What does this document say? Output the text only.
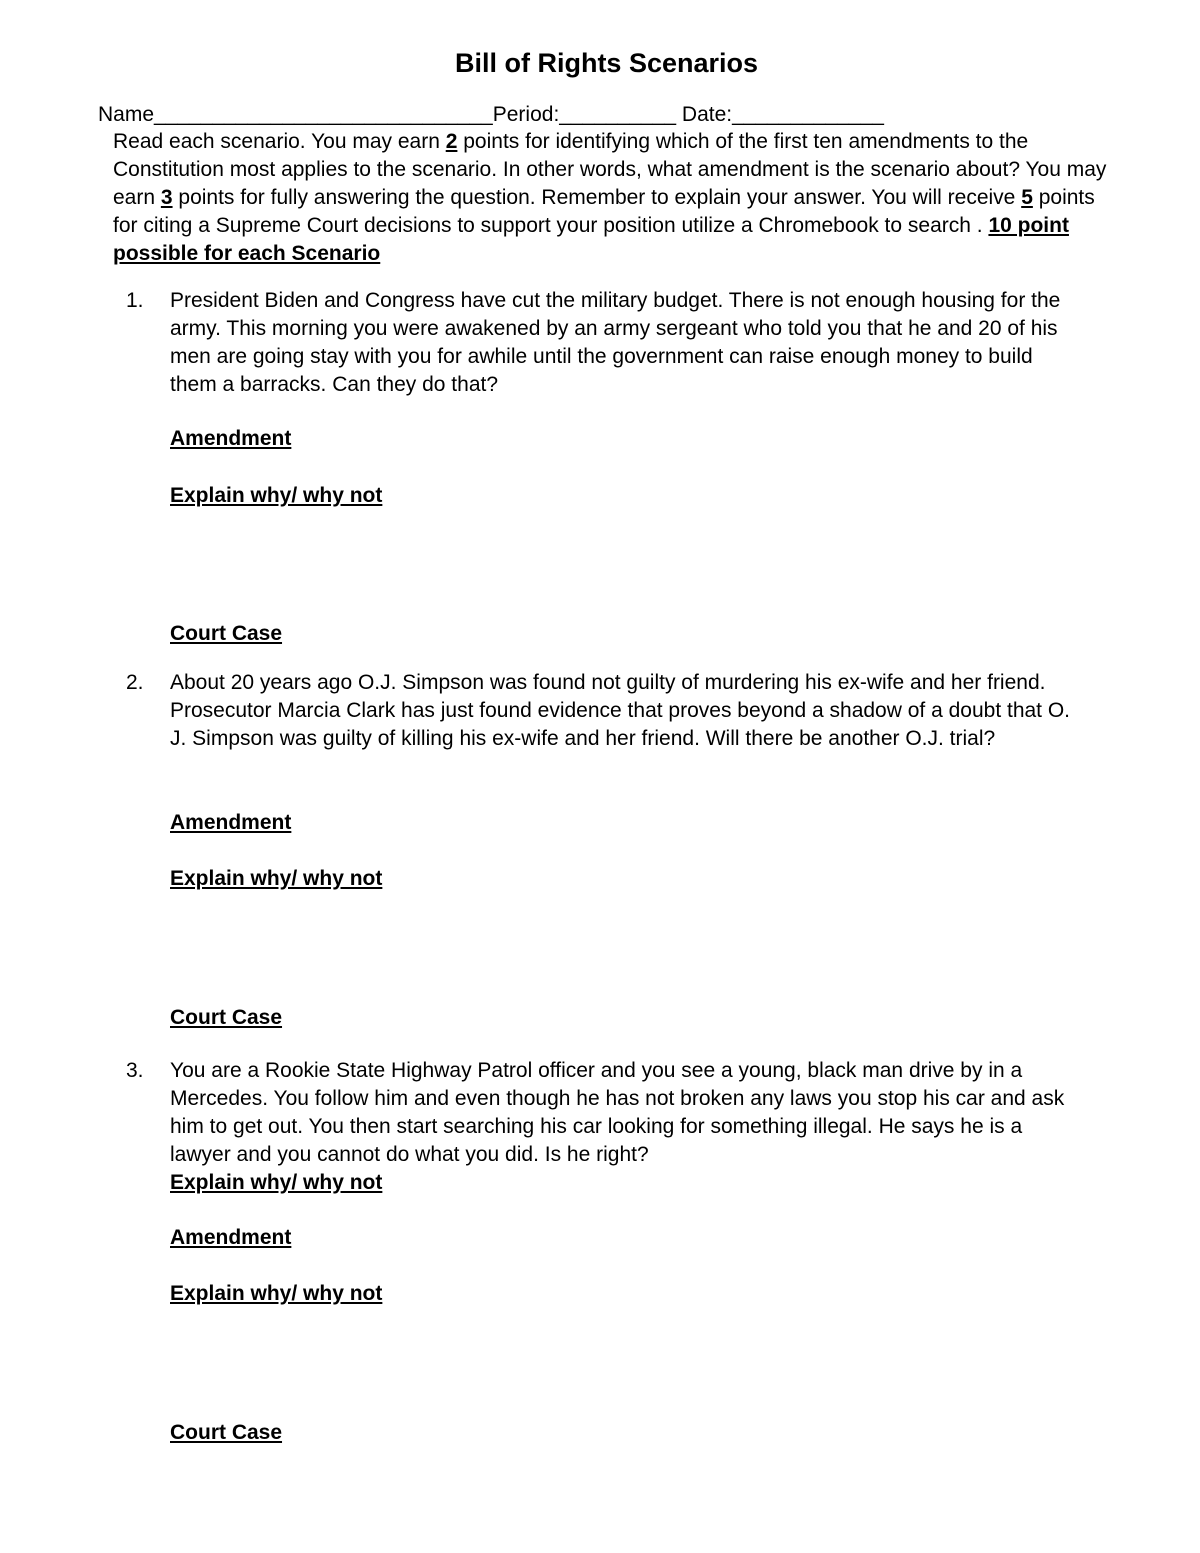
Bill of Rights Scenarios
Name_____________________________Period:__________ Date:_____________
Read each scenario. You may earn 2 points for identifying which of the first ten amendments to the Constitution most applies to the scenario. In other words, what amendment is the scenario about? You may earn 3 points for fully answering the question. Remember to explain your answer. You will receive 5 points for citing a Supreme Court decisions to support your position utilize a Chromebook to search . 10 point possible for each Scenario
1. President Biden and Congress have cut the military budget. There is not enough housing for the army. This morning you were awakened by an army sergeant who told you that he and 20 of his men are going stay with you for awhile until the government can raise enough money to build them a barracks. Can they do that?
Amendment
Explain why/ why not
Court Case
2. About 20 years ago O.J. Simpson was found not guilty of murdering his ex-wife and her friend. Prosecutor Marcia Clark has just found evidence that proves beyond a shadow of a doubt that O. J. Simpson was guilty of killing his ex-wife and her friend. Will there be another O.J. trial?
Amendment
Explain why/ why not
Court Case
3. You are a Rookie State Highway Patrol officer and you see a young, black man drive by in a Mercedes. You follow him and even though he has not broken any laws you stop his car and ask him to get out. You then start searching his car looking for something illegal. He says he is a lawyer and you cannot do what you did. Is he right?
Explain why/ why not
Amendment
Explain why/ why not
Court Case
